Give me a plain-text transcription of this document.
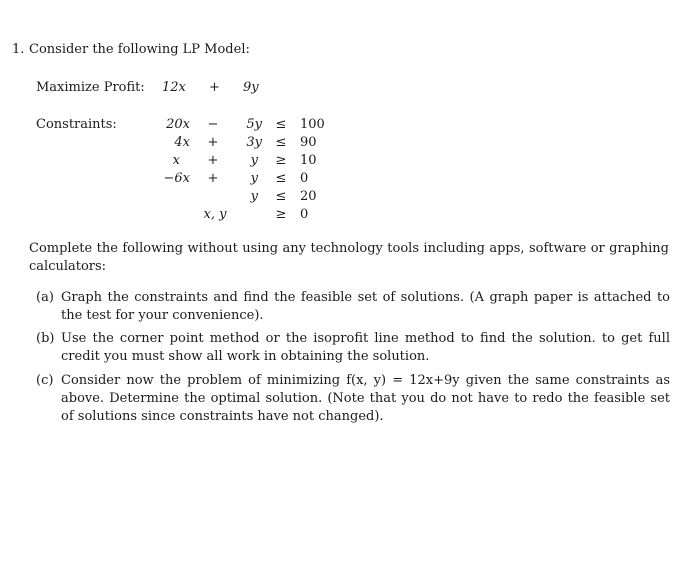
1. Consider the following LP Model:
Maximize Profit: 12x + 9y
Constraints:	20x −	5y ≤ 100
4x +	3y ≤ 90
x +	y ≥ 10
−6x +	y ≤ 0
y ≤ 20
x, y	≥ 0
Complete the following without using any technology tools including apps, software or graphing calculators:
(a) Graph the constraints and find the feasible set of solutions. (A graph paper is attached to the test for your convenience).
(b) Use the corner point method or the isoprofit line method to find the solution. to get full credit you must show all work in obtaining the solution.
(c) Consider now the problem of minimizing f(x, y) = 12x+9y given the same constraints as above. Determine the optimal solution. (Note that you do not have to redo the feasible set of solutions since constraints have not changed).
